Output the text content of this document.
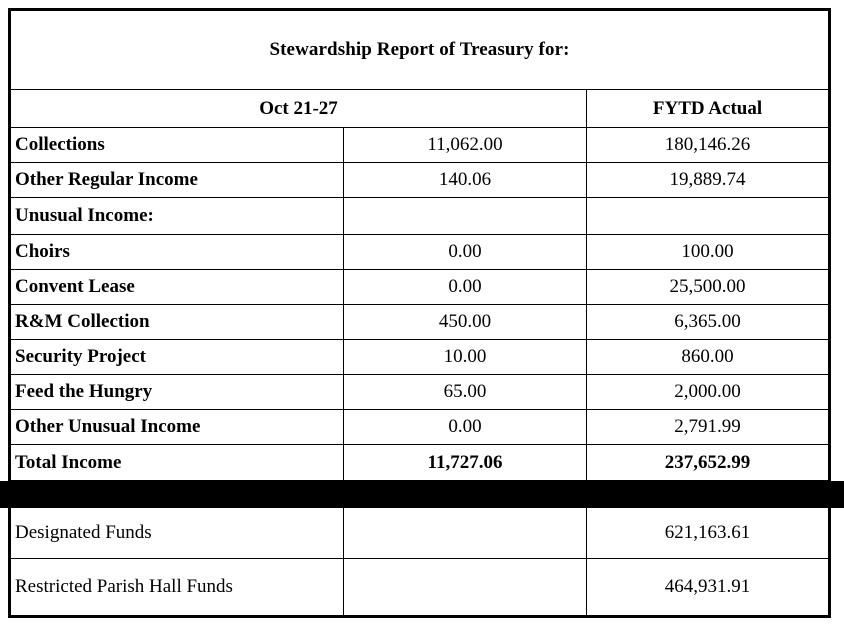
Stewardship Report of Treasury for:		
Oct 21-27		FYTD Actual
Collections	11,062.00	180,146.26
Other Regular Income	140.06	19,889.74
Unusual Income:		
Choirs	0.00	100.00
Convent Lease	0.00	25,500.00
R&M Collection	450.00	6,365.00
Security Project	10.00	860.00
Feed the Hungry	65.00	2,000.00
Other Unusual Income	0.00	2,791.99
Total Income	11,727.06	237,652.99

Designated Funds		621,163.61
Restricted Parish Hall Funds		464,931.91
